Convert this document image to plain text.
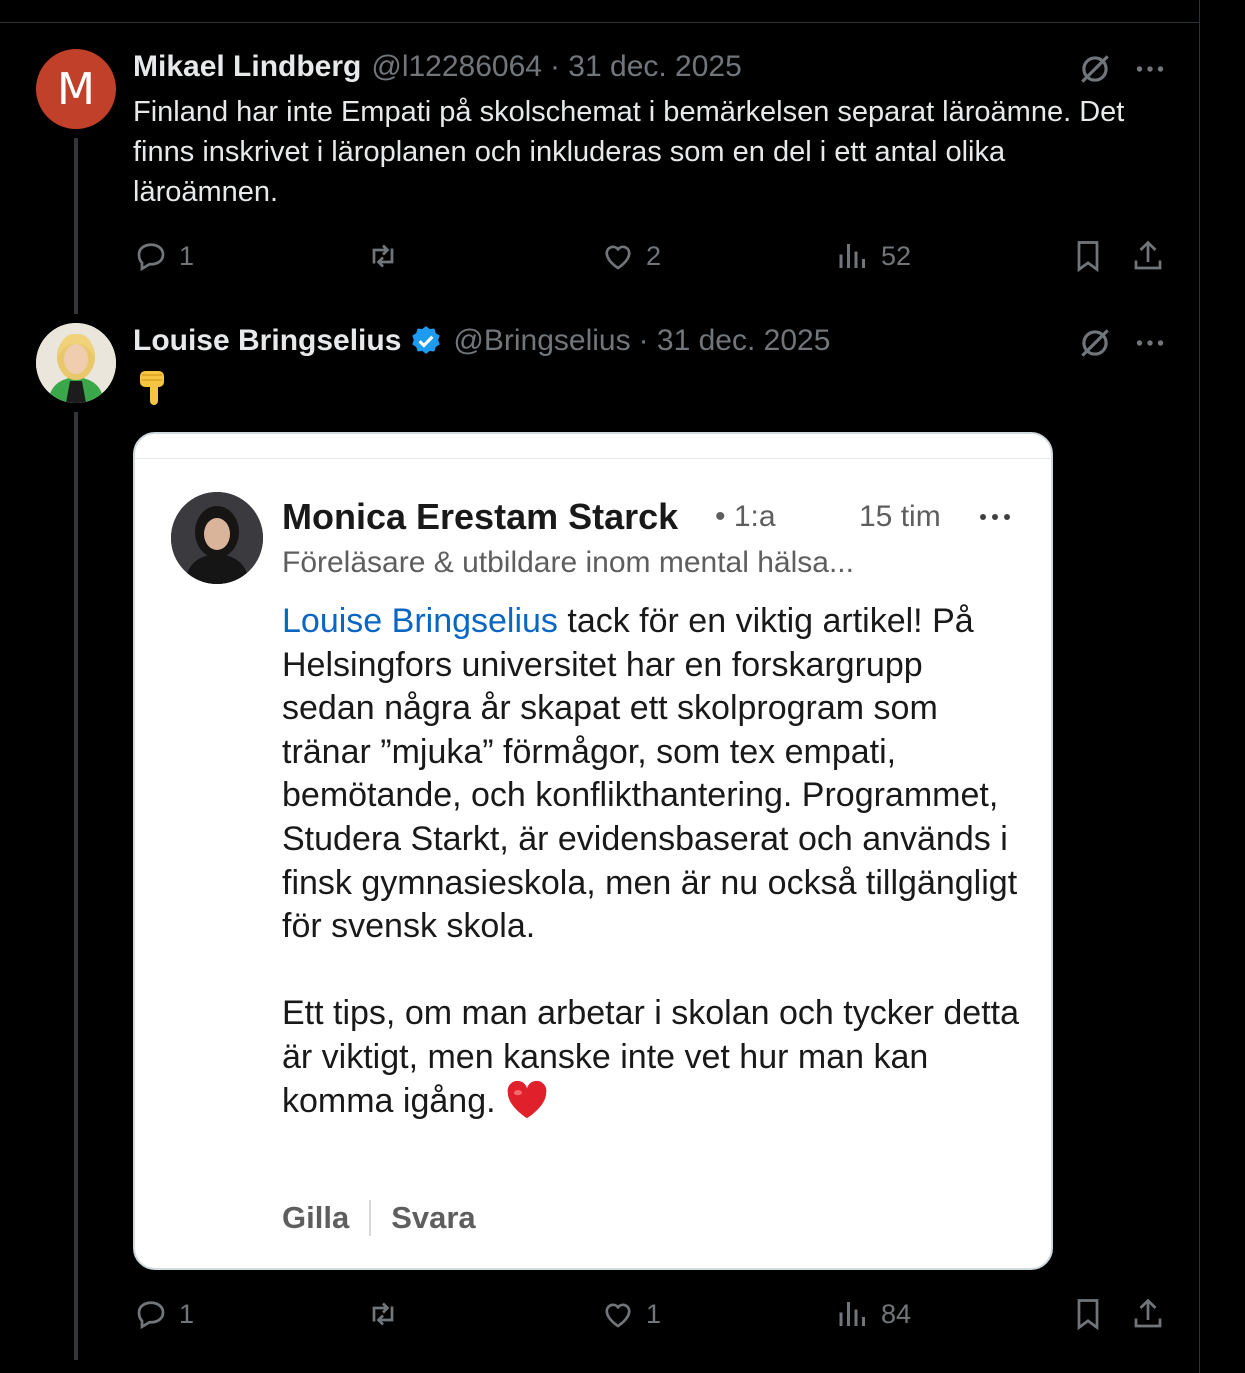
M Mikael Lindberg @l12286064 · 31 dec. 2025
Finland har inte Empati på skolschemat i bemärkelsen separat läroämne. Det finns inskrivet i läroplanen och inkluderas som en del i ett antal olika läroämnen.
1	2	52
Louise Bringselius @Bringselius · 31 dec. 2025
Monica Erestam Starck • 1:a	15 tim
Föreläsare & utbildare inom mental hälsa...

Louise Bringselius tack för en viktig artikel! På Helsingfors universitet har en forskargrupp sedan några år skapat ett skolprogram som tränar ”mjuka” förmågor, som tex empati, bemötande, och konflikthantering. Programmet, Studera Starkt, är evidensbaserat och används i finsk gymnasieskola, men är nu också tillgängligt för svensk skola.

Ett tips, om man arbetar i skolan och tycker detta är viktigt, men kanske inte vet hur man kan komma igång.

Gilla Svara
1	1	84
